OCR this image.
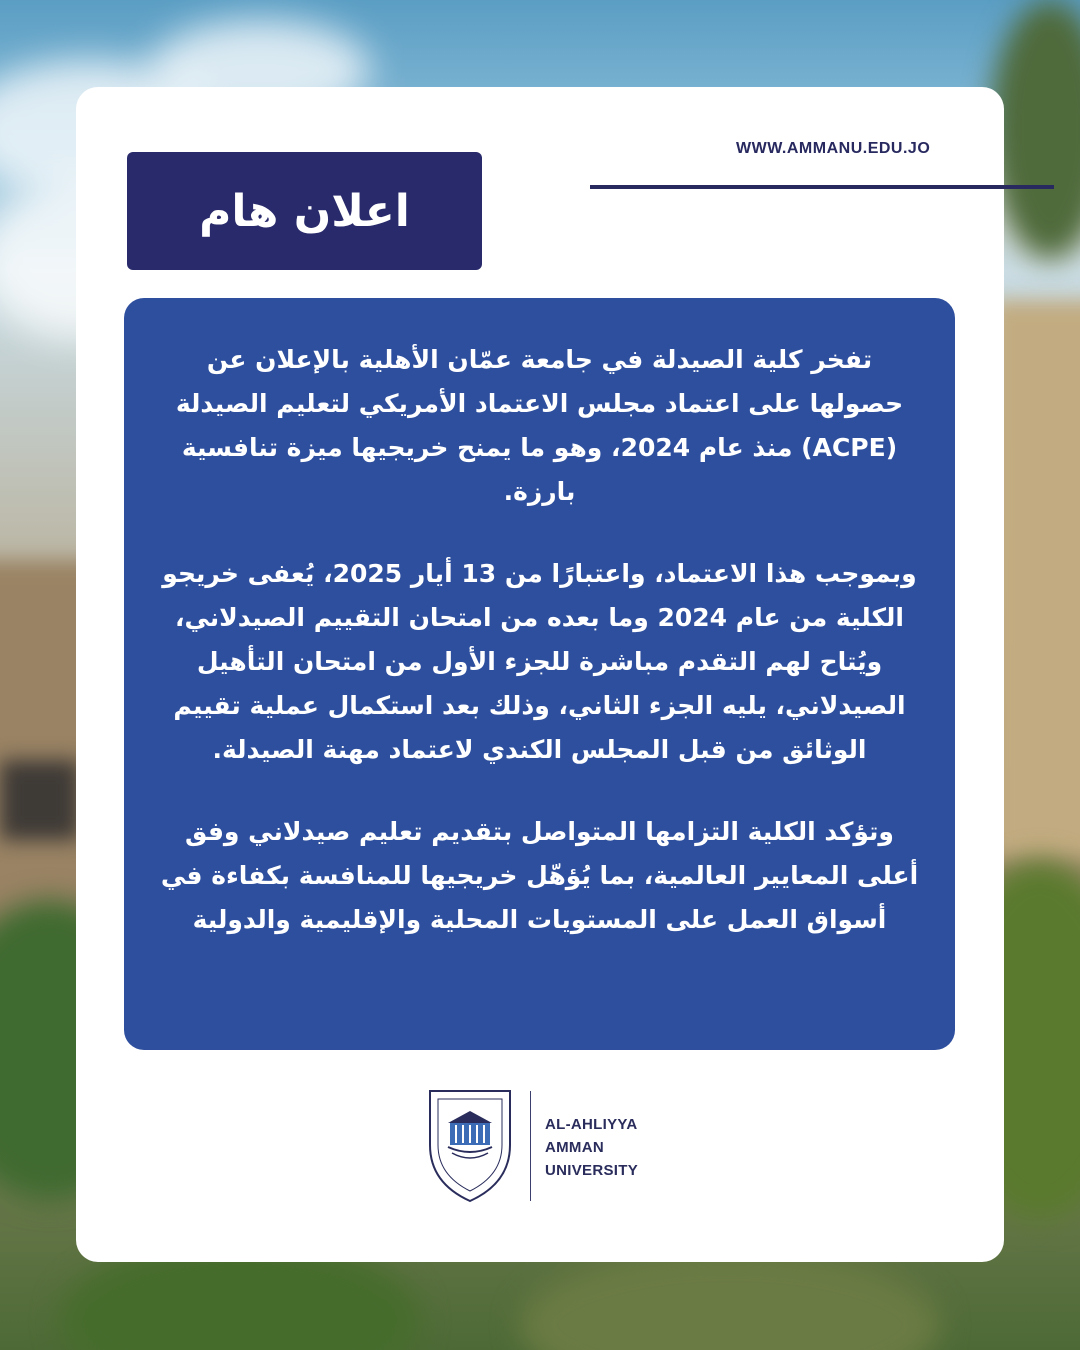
WWW.AMMANU.EDU.JO
اعلان هام

تفخر كلية الصيدلة في جامعة عمّان الأهلية بالإعلان عن حصولها على اعتماد مجلس الاعتماد الأمريكي لتعليم الصيدلة (ACPE) منذ عام 2024، وهو ما يمنح خريجيها ميزة تنافسية بارزة.

وبموجب هذا الاعتماد، واعتبارًا من 13 أيار 2025، يُعفى خريجو الكلية من عام 2024 وما بعده من امتحان التقييم الصيدلاني، ويُتاح لهم التقدم مباشرة للجزء الأول من امتحان التأهيل الصيدلاني، يليه الجزء الثاني، وذلك بعد استكمال عملية تقييم الوثائق من قبل المجلس الكندي لاعتماد مهنة الصيدلة.

وتؤكد الكلية التزامها المتواصل بتقديم تعليم صيدلاني وفق أعلى المعايير العالمية، بما يُؤهّل خريجيها للمنافسة بكفاءة في أسواق العمل على المستويات المحلية والإقليمية والدولية

AL-AHLIYYA
AMMAN
UNIVERSITY
